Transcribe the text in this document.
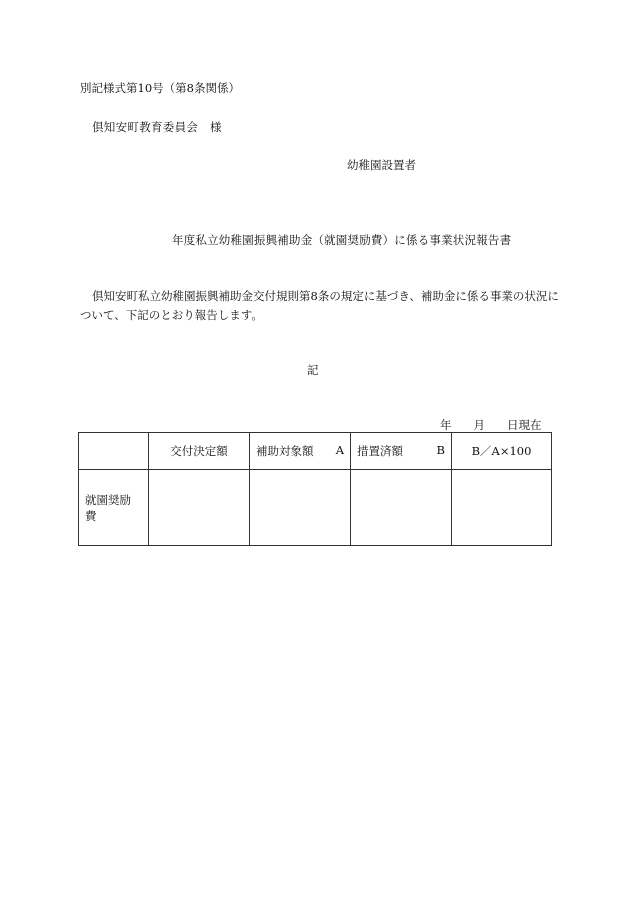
別記様式第10号（第8条関係）
倶知安町教育委員会　様
幼稚園設置者
年度私立幼稚園振興補助金（就園奨励費）に係る事業状況報告書
倶知安町私立幼稚園振興補助金交付規則第8条の規定に基づき、補助金に係る事業の状況について、下記のとおり報告します。
記
年 月 日現在
	交付決定額	補助対象額 A	措置済額 B	B／A×100
就園奨励費				
